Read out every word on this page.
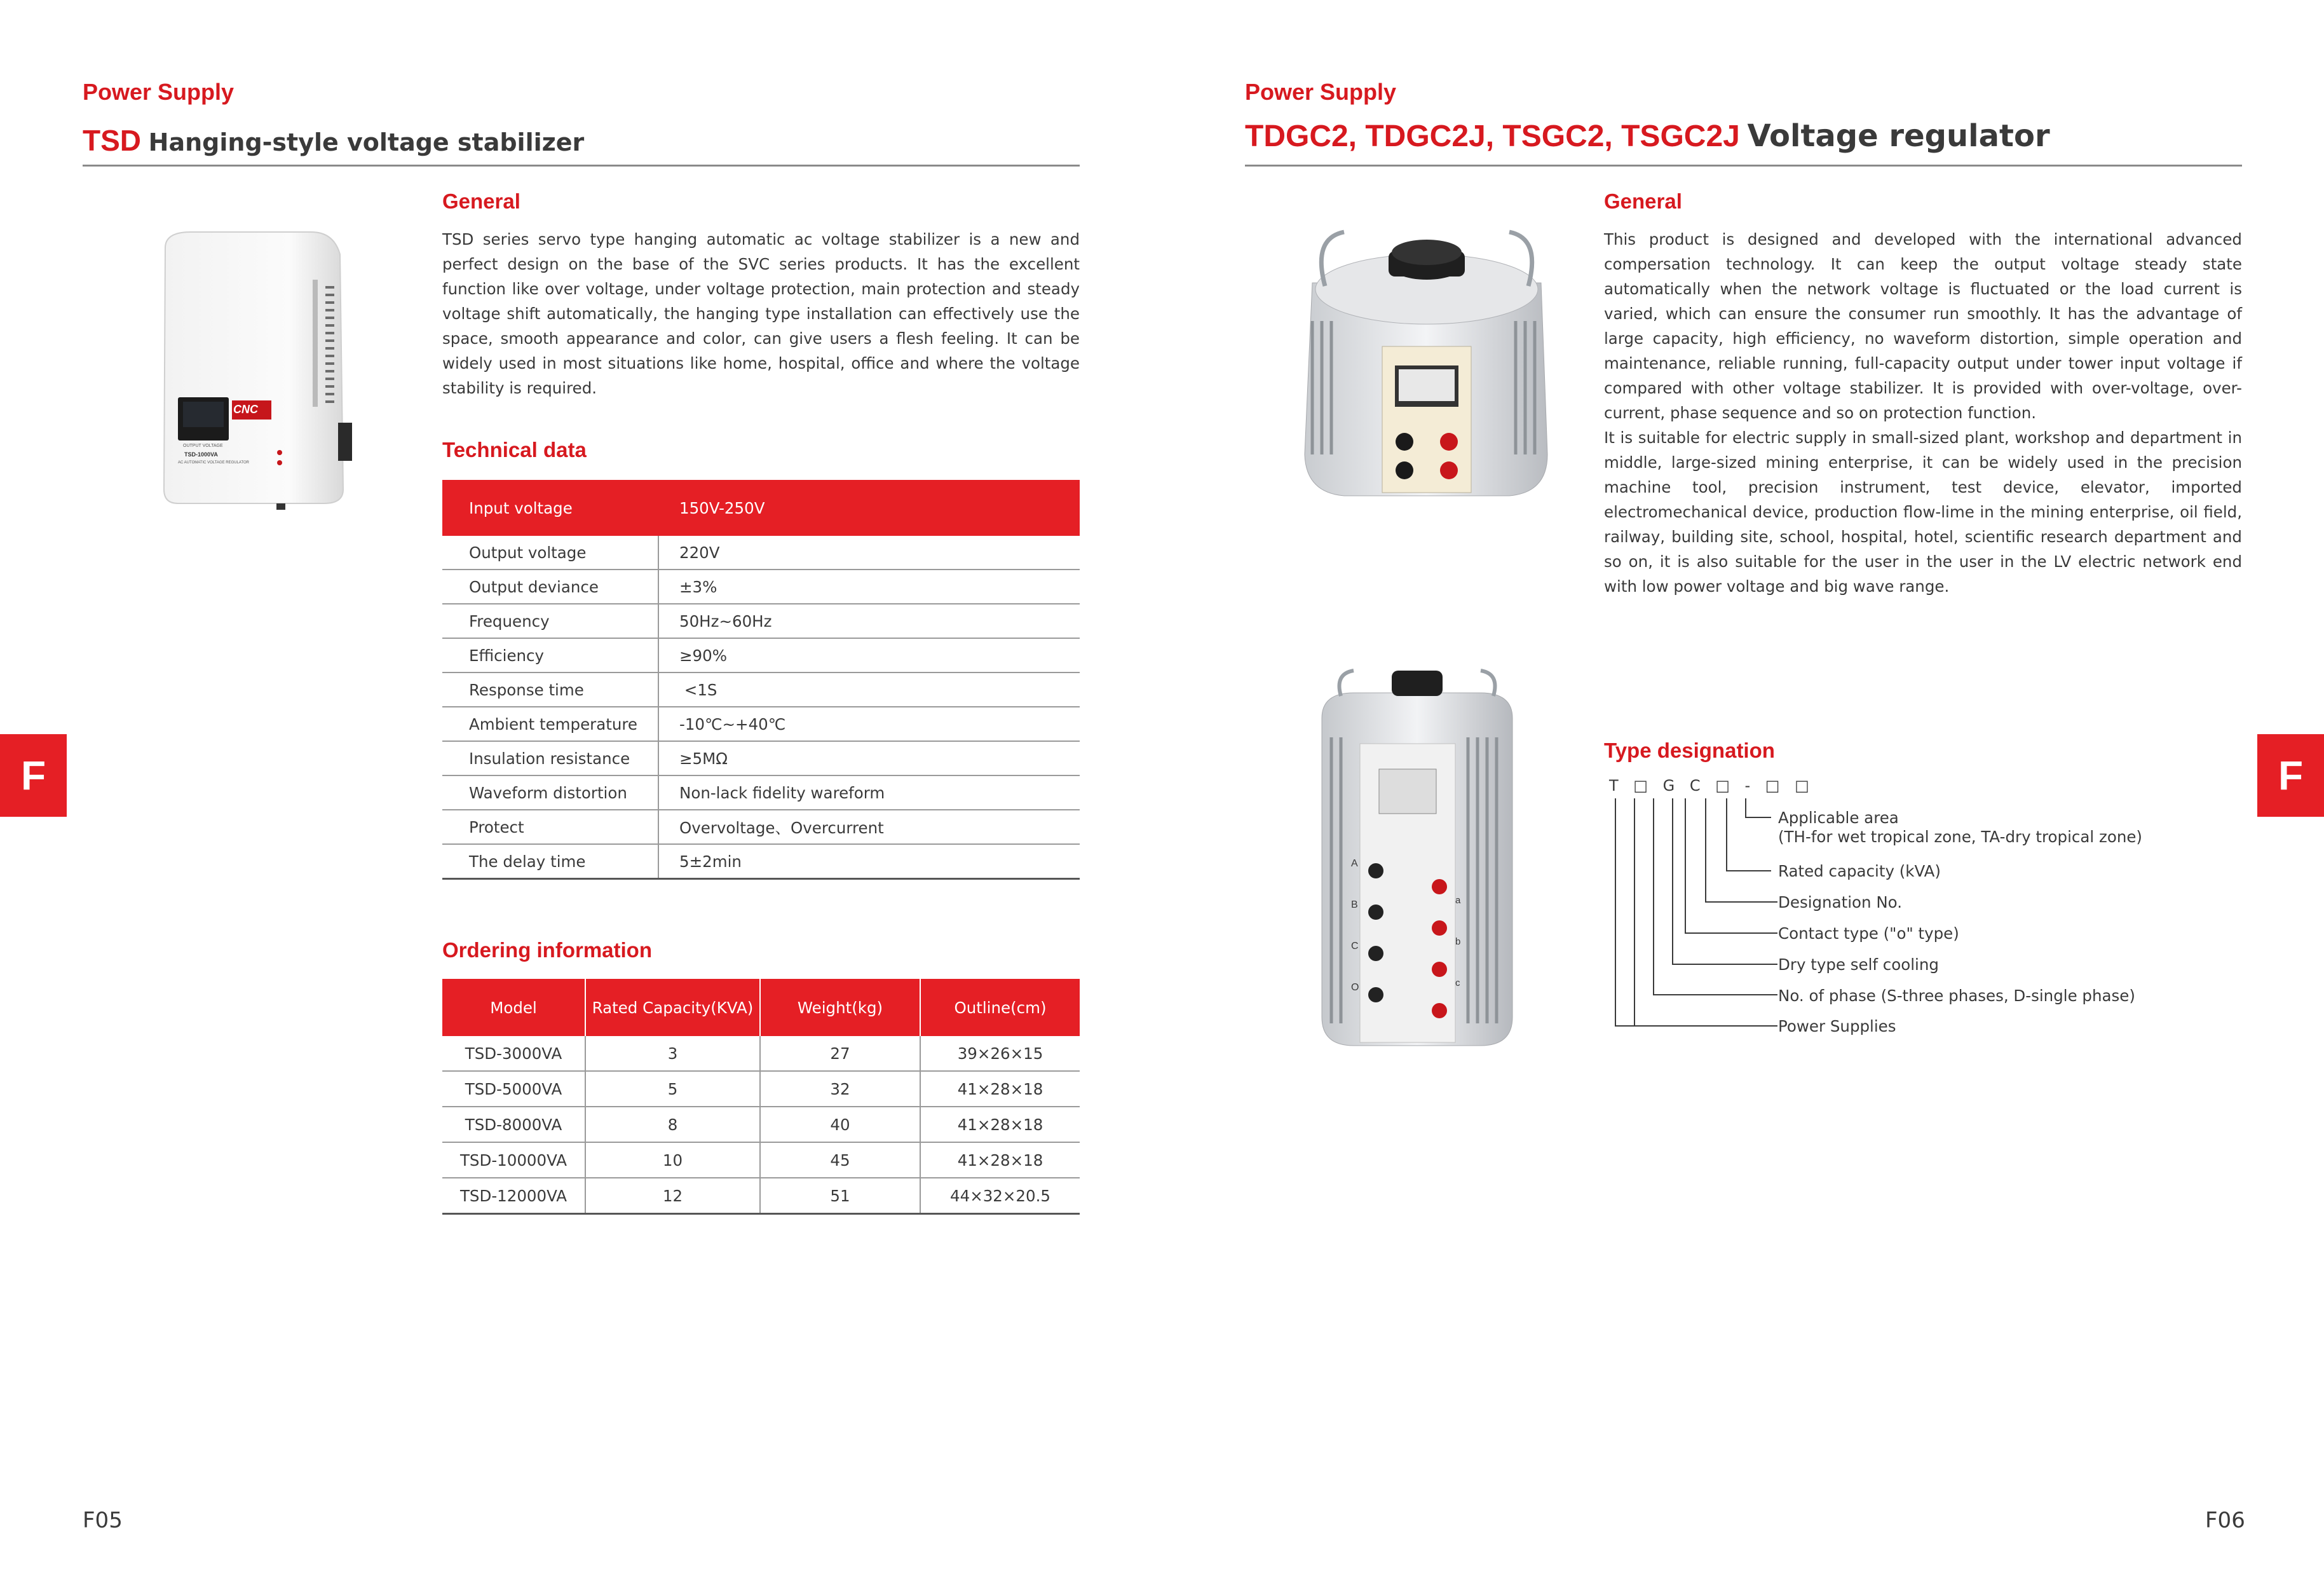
Power Supply
TSD Hanging-style voltage stabilizer
CNC
OUTPUT VOLTAGE
TSD-1000VA
AC AUTOMATIC VOLTAGE REGULATOR
General
TSD series servo type hanging automatic ac voltage stabilizer is a new and perfect design on the base of the SVC series products. It has the excellent function like over voltage, under voltage protection, main protection and steady voltage shift automatically, the hanging type installation can effectively use the space, smooth appearance and color, can give users a flesh feeling. It can be widely used in most situations like home, hospital, office and where the voltage stability is required.
Technical data
Input voltage	150V-250V
Output voltage	220V
Output deviance	±3%
Frequency	50Hz~60Hz
Efficiency	≥90%
Response time	<1S
Ambient temperature	-10℃~+40℃
Insulation resistance	≥5MΩ
Waveform distortion	Non-lack fidelity wareform
Protect	Overvoltage、Overcurrent
The delay time	5±2min
Ordering information
Model	Rated Capacity(KVA)	Weight(kg)	Outline(cm)
TSD-3000VA	3	27	39×26×15
TSD-5000VA	5	32	41×28×18
TSD-8000VA	8	40	41×28×18
TSD-10000VA	10	45	41×28×18
TSD-12000VA	12	51	44×32×20.5
F
F05
Power Supply
TDGC2, TDGC2J, TSGC2, TSGC2J Voltage regulator
A
B
C
O
a
b
c
General
This product is designed and developed with the international advanced compersation technology. It can keep the output voltage steady state automatically when the network voltage is fluctuated or the load current is varied, which can ensure the consumer run smoothly. It has the advantage of large capacity, high efficiency, no waveform distortion, simple operation and maintenance, reliable running, full-capacity output under tower input voltage if compared with other voltage stabilizer. It is provided with over-voltage, over-current, phase sequence and so on protection function.
It is suitable for electric supply in small-sized plant, workshop and department in middle, large-sized mining enterprise, it can be widely used in the precision machine tool, precision instrument, test device, elevator, imported electromechanical device, production flow-lime in the mining enterprise, oil field, railway, building site, school, hospital, hotel, scientific research department and so on, it is also suitable for the user in the user in the LV electric network end with low power voltage and big wave range.
Type designation
T □ G C □ - □ □
Applicable area
(TH-for wet tropical zone, TA-dry tropical zone)
Rated capacity (kVA)
Designation No.
Contact type ("o" type)
Dry type self cooling
No. of phase (S-three phases, D-single phase)
Power Supplies
F
F06
